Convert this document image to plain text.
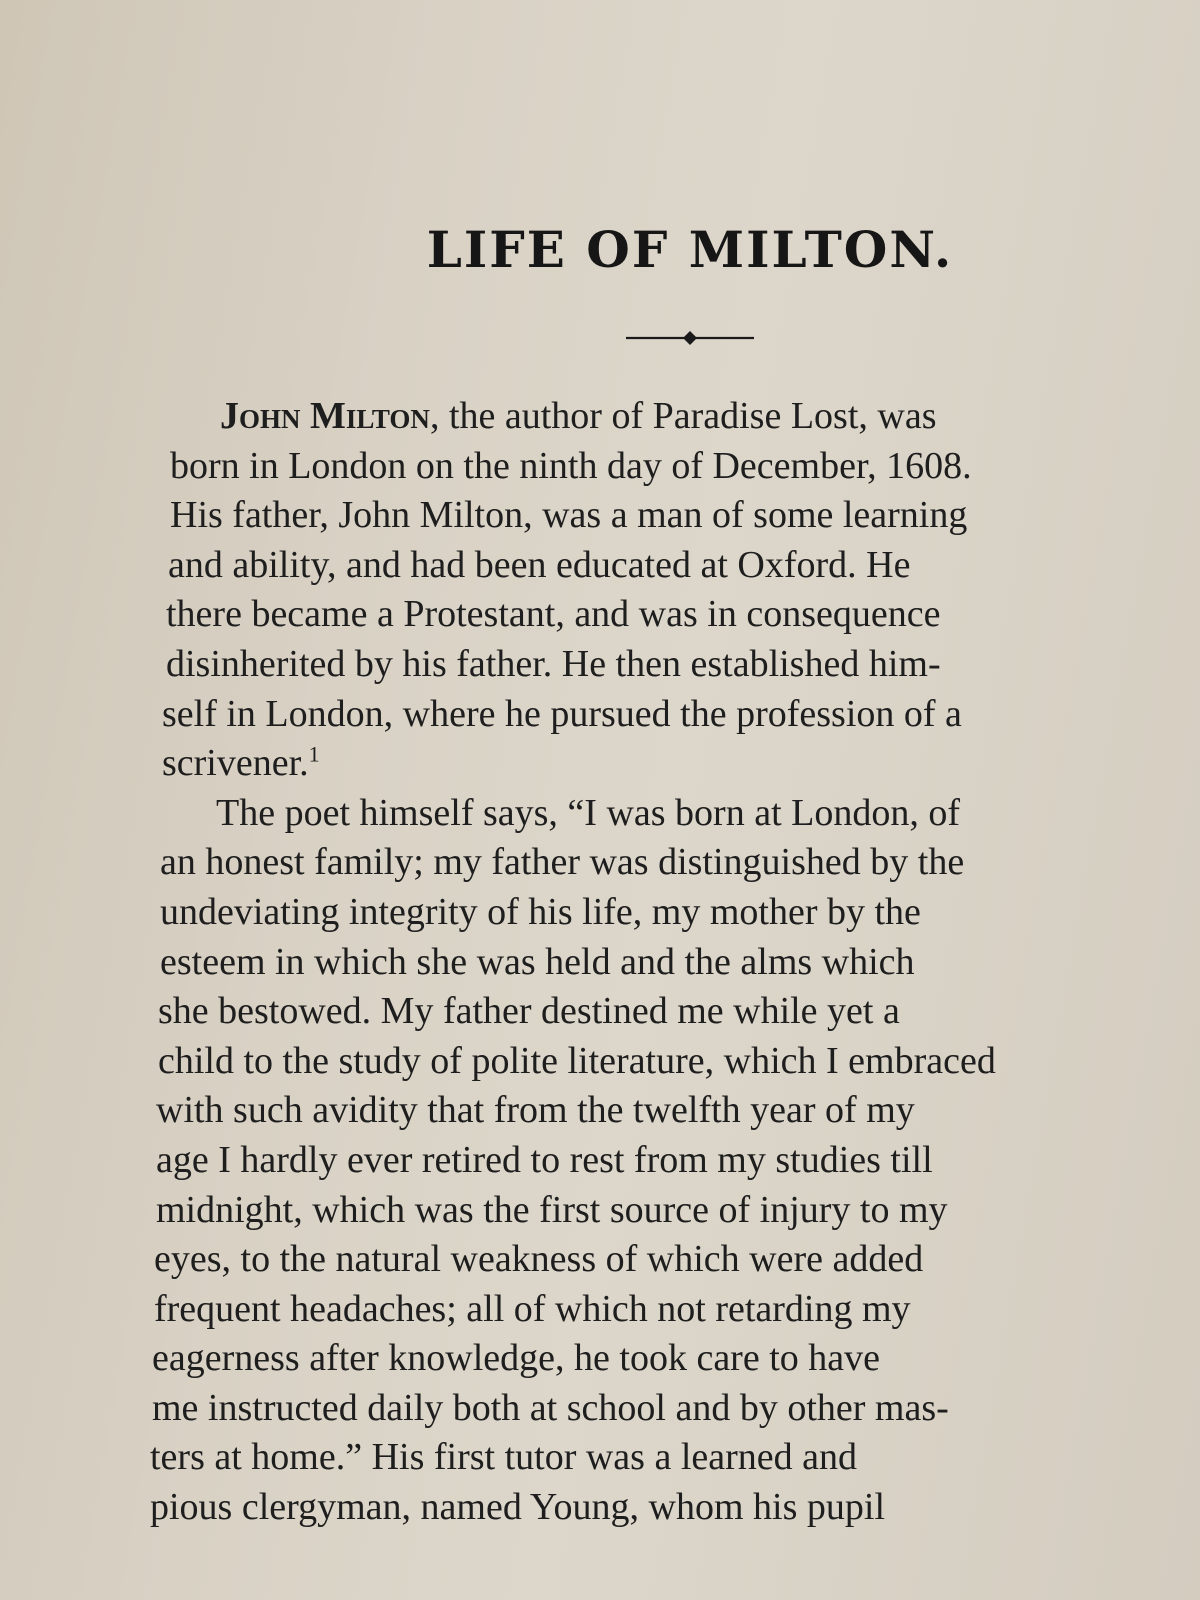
LIFE OF MILTON.
John Milton, the author of Paradise Lost, was
born in London on the ninth day of December, 1608.
His father, John Milton, was a man of some learning
and ability, and had been educated at Oxford. He
there became a Protestant, and was in consequence
disinherited by his father. He then established him-
self in London, where he pursued the profession of a
scrivener.$^1$
The poet himself says, “I was born at London, of
an honest family; my father was distinguished by the
undeviating integrity of his life, my mother by the
esteem in which she was held and the alms which
she bestowed. My father destined me while yet a
child to the study of polite literature, which I embraced
with such avidity that from the twelfth year of my
age I hardly ever retired to rest from my studies till
midnight, which was the first source of injury to my
eyes, to the natural weakness of which were added
frequent headaches; all of which not retarding my
eagerness after knowledge, he took care to have
me instructed daily both at school and by other mas-
ters at home.” His first tutor was a learned and
pious clergyman, named Young, whom his pupil
